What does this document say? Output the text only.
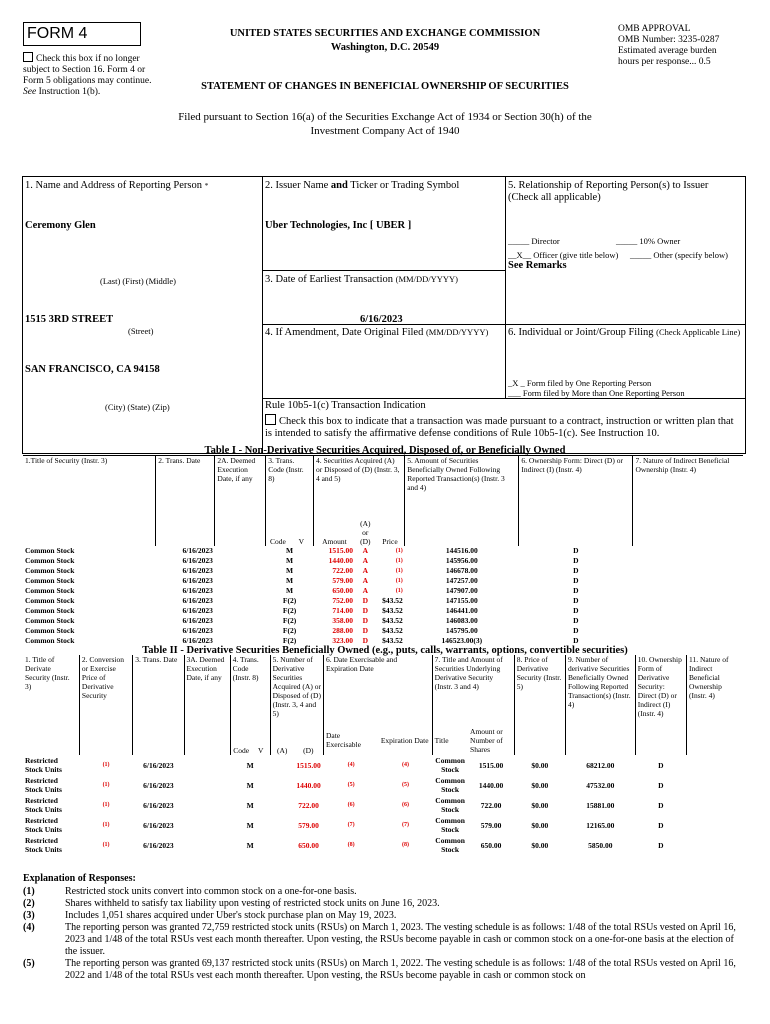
FORM 4
Check this box if no longer subject to Section 16. Form 4 or Form 5 obligations may continue. See Instruction 1(b).
UNITED STATES SECURITIES AND EXCHANGE COMMISSION
Washington, D.C. 20549
STATEMENT OF CHANGES IN BENEFICIAL OWNERSHIP OF SECURITIES
OMB APPROVAL
OMB Number: 3235-0287
Estimated average burden
hours per response... 0.5
Filed pursuant to Section 16(a) of the Securities Exchange Act of 1934 or Section 30(h) of the
Investment Company Act of 1940
1. Name and Address of Reporting Person *
Ceremony Glen
(Last) (First) (Middle)
1515 3RD STREET
(Street)
SAN FRANCISCO, CA 94158
(City) (State) (Zip)
2. Issuer Name and Ticker or Trading Symbol
Uber Technologies, Inc [ UBER ]
3. Date of Earliest Transaction (MM/DD/YYYY)
6/16/2023
4. If Amendment, Date Original Filed (MM/DD/YYYY)
Rule 10b5-1(c) Transaction Indication
Check this box to indicate that a transaction was made pursuant to a contract, instruction or written plan that is intended to satisfy the affirmative defense conditions of Rule 10b5-1(c). See Instruction 10.
5. Relationship of Reporting Person(s) to Issuer
(Check all applicable)
_____ Director	_____ 10% Owner
__X__ Officer (give title below) _____ Other (specify below)
See Remarks
6. Individual or Joint/Group Filing (Check Applicable Line)
_X _ Form filed by One Reporting Person
___ Form filed by More than One Reporting Person
Table I - Non-Derivative Securities Acquired, Disposed of, or Beneficially Owned
1.Title of Security (Instr. 3)	2. Trans. Date	2A. Deemed Execution Date, if any	3. Trans. Code (Instr. 8)		4. Securities Acquired (A) or Disposed of (D) (Instr. 3, 4 and 5)			5. Amount of Securities Beneficially Owned Following Reported Transaction(s) (Instr. 3 and 4)	6. Ownership Form: Direct (D) or Indirect (I) (Instr. 4)	7. Nature of Indirect Beneficial Ownership (Instr. 4)
			Code	V	Amount	(A) or (D)	Price			
Common Stock	6/16/2023		M		1515.00	A	(1)	144516.00	D	
Common Stock	6/16/2023		M		1440.00	A	(1)	145956.00	D	
Common Stock	6/16/2023		M		722.00	A	(1)	146678.00	D	
Common Stock	6/16/2023		M		579.00	A	(1)	147257.00	D	
Common Stock	6/16/2023		M		650.00	A	(1)	147907.00	D	
Common Stock	6/16/2023		F(2)		752.00	D	$43.52	147155.00	D	
Common Stock	6/16/2023		F(2)		714.00	D	$43.52	146441.00	D	
Common Stock	6/16/2023		F(2)		358.00	D	$43.52	146083.00	D	
Common Stock	6/16/2023		F(2)		288.00	D	$43.52	145795.00	D	
Common Stock	6/16/2023		F(2)		323.00	D	$43.52	146523.00(3)	D	
Table II - Derivative Securities Beneficially Owned (e.g., puts, calls, warrants, options, convertible securities)
1. Title of Derivate Security (Instr. 3)	2. Conversion or Exercise Price of Derivative Security	3. Trans. Date	3A. Deemed Execution Date, if any	4. Trans. Code (Instr. 8)		5. Number of Derivative Securities Acquired (A) or Disposed of (D) (Instr. 3, 4 and 5)		6. Date Exercisable and Expiration Date		7. Title and Amount of Securities Underlying Derivative Security (Instr. 3 and 4)		8. Price of Derivative Security (Instr. 5)	9. Number of derivative Securities Beneficially Owned Following Reported Transaction(s) (Instr. 4)	10. Ownership Form of Derivative Security: Direct (D) or Indirect (I) (Instr. 4)	11. Nature of Indirect Beneficial Ownership (Instr. 4)
				Code	V	(A)	(D)	Date Exercisable	Expiration Date	Title	Amount or Number of Shares				
Restricted Stock Units	(1)	6/16/2023		M			1515.00	(4)	(4)	Common Stock	1515.00	$0.00	68212.00	D	
Restricted Stock Units	(1)	6/16/2023		M			1440.00	(5)	(5)	Common Stock	1440.00	$0.00	47532.00	D	
Restricted Stock Units	(1)	6/16/2023		M			722.00	(6)	(6)	Common Stock	722.00	$0.00	15881.00	D	
Restricted Stock Units	(1)	6/16/2023		M			579.00	(7)	(7)	Common Stock	579.00	$0.00	12165.00	D	
Restricted Stock Units	(1)	6/16/2023		M			650.00	(8)	(8)	Common Stock	650.00	$0.00	5850.00	D	
Explanation of Responses:
(1)	Restricted stock units convert into common stock on a one-for-one basis.
(2)	Shares withheld to satisfy tax liability upon vesting of restricted stock units on June 16, 2023.
(3)	Includes 1,051 shares acquired under Uber's stock purchase plan on May 19, 2023.
(4)	The reporting person was granted 72,759 restricted stock units (RSUs) on March 1, 2023. The vesting schedule is as follows: 1/48 of the total RSUs vested on April 16, 2023 and 1/48 of the total RSUs vest each month thereafter. Upon vesting, the RSUs become payable in cash or common stock on a one-for-one basis at the election of the issuer.
(5)	The reporting person was granted 69,137 restricted stock units (RSUs) on March 1, 2022. The vesting schedule is as follows: 1/48 of the total RSUs vested on April 16, 2022 and 1/48 of the total RSUs vest each month thereafter. Upon vesting, the RSUs become payable in cash or common stock on
